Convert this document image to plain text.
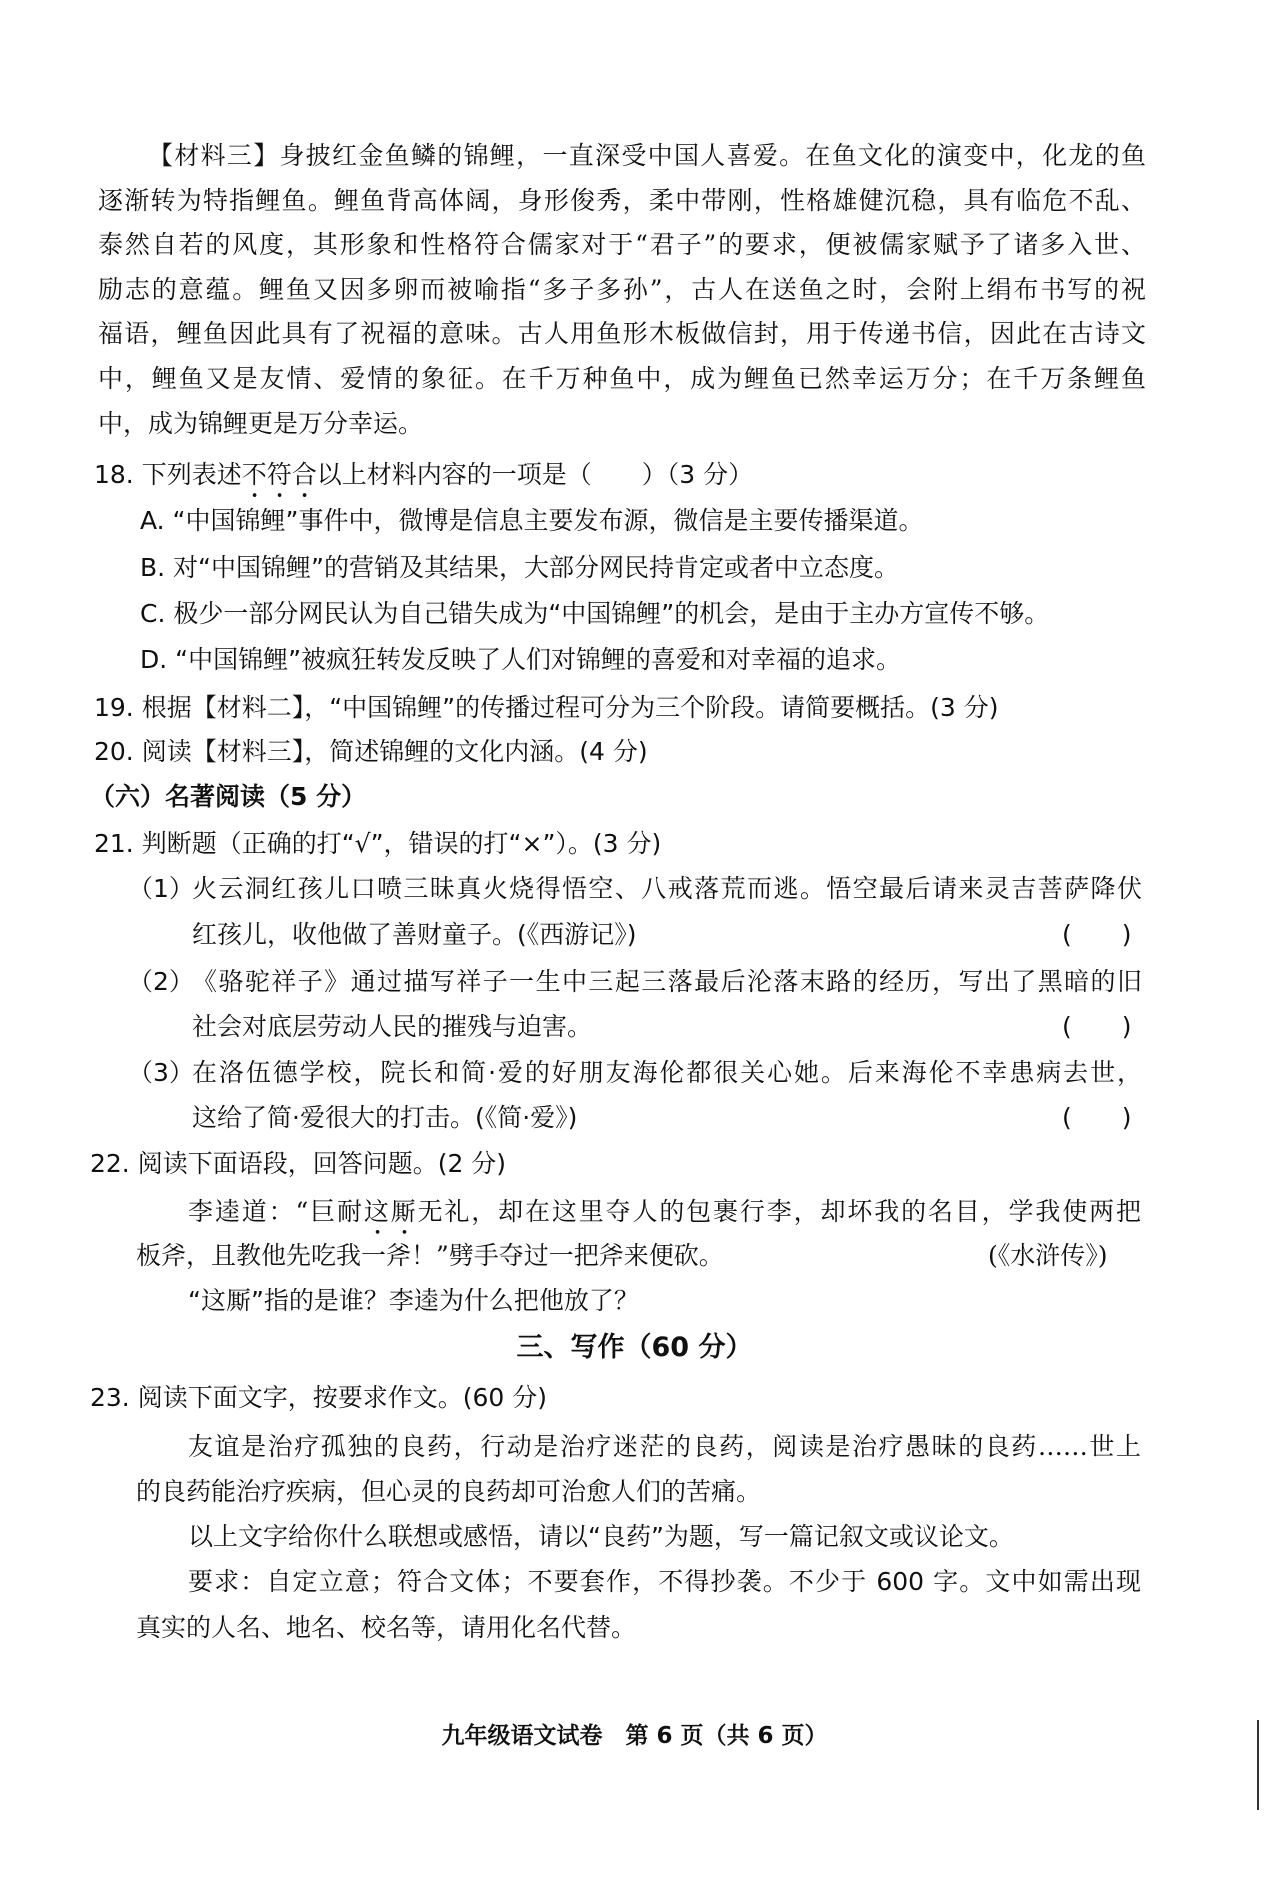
【材料三】身披红金鱼鳞的锦鲤，一直深受中国人喜爱。在鱼文化的演变中，化龙的鱼
逐渐转为特指鲤鱼。鲤鱼背高体阔，身形俊秀，柔中带刚，性格雄健沉稳，具有临危不乱、
泰然自若的风度，其形象和性格符合儒家对于“君子”的要求，便被儒家赋予了诸多入世、
励志的意蕴。鲤鱼又因多卵而被喻指“多子多孙”，古人在送鱼之时，会附上绢布书写的祝
福语，鲤鱼因此具有了祝福的意味。古人用鱼形木板做信封，用于传递书信，因此在古诗文
中，鲤鱼又是友情、爱情的象征。在千万种鱼中，成为鲤鱼已然幸运万分；在千万条鲤鱼
中，成为锦鲤更是万分幸运。
18. 下列表述不符合以上材料内容的一项是（　　）（3 分）
A. “中国锦鲤”事件中，微博是信息主要发布源，微信是主要传播渠道。
B. 对“中国锦鲤”的营销及其结果，大部分网民持肯定或者中立态度。
C. 极少一部分网民认为自己错失成为“中国锦鲤”的机会，是由于主办方宣传不够。
D. “中国锦鲤”被疯狂转发反映了人们对锦鲤的喜爱和对幸福的追求。
19. 根据【材料二】，“中国锦鲤”的传播过程可分为三个阶段。请简要概括。(3 分)
20. 阅读【材料三】，简述锦鲤的文化内涵。(4 分)
（六）名著阅读（5 分）
21. 判断题（正确的打“√”，错误的打“×”）。(3 分)
（1）
火云洞红孩儿口喷三昧真火烧得悟空、八戒落荒而逃。悟空最后请来灵吉菩萨降伏
红孩儿，收他做了善财童子。(《西游记》)	(　　)
（2）
《骆驼祥子》通过描写祥子一生中三起三落最后沦落末路的经历，写出了黑暗的旧
社会对底层劳动人民的摧残与迫害。	(　　)
（3）
在洛伍德学校，院长和简·爱的好朋友海伦都很关心她。后来海伦不幸患病去世，
这给了简·爱很大的打击。(《简·爱》)	(　　)
22. 阅读下面语段，回答问题。(2 分)
李逵道：“巨耐这厮无礼，却在这里夺人的包裹行李，却坏我的名目，学我使两把
板斧，且教他先吃我一斧！”劈手夺过一把斧来便砍。	(《水浒传》)
“这厮”指的是谁？李逵为什么把他放了？
三、写作（60 分）
23. 阅读下面文字，按要求作文。(60 分)
友谊是治疗孤独的良药，行动是治疗迷茫的良药，阅读是治疗愚昧的良药……世上
的良药能治疗疾病，但心灵的良药却可治愈人们的苦痛。
以上文字给你什么联想或感悟，请以“良药”为题，写一篇记叙文或议论文。
要求：自定立意；符合文体；不要套作，不得抄袭。不少于 600 字。文中如需出现
真实的人名、地名、校名等，请用化名代替。
九年级语文试卷　第 6 页（共 6 页）
